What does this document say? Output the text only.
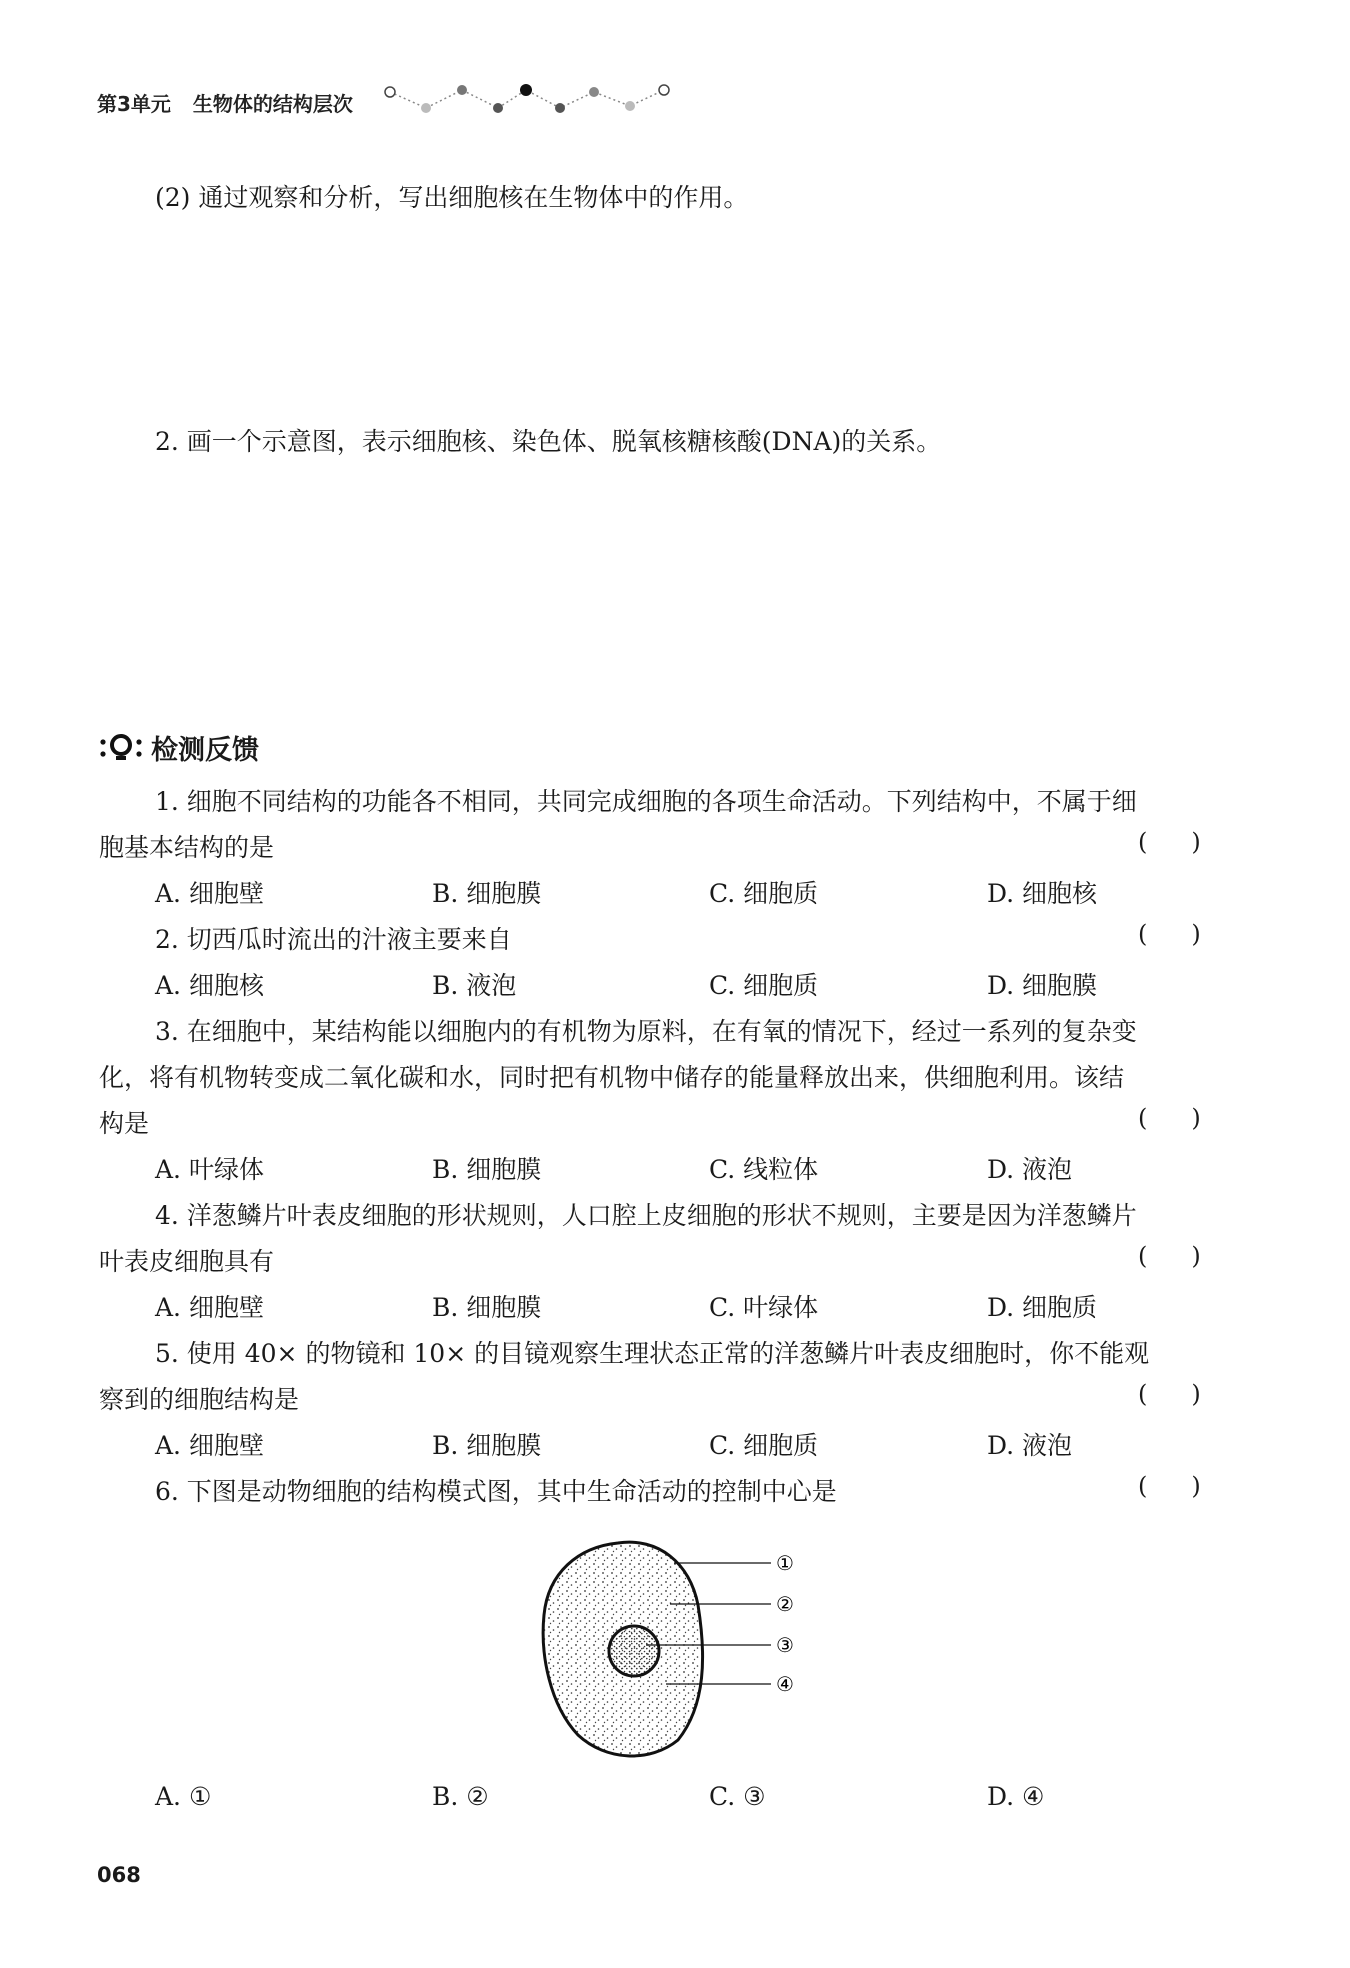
第3单元 生物体的结构层次
(2) 通过观察和分析，写出细胞核在生物体中的作用。
2. 画一个示意图，表示细胞核、染色体、脱氧核糖核酸(DNA)的关系。
检测反馈
1. 细胞不同结构的功能各不相同，共同完成细胞的各项生命活动。下列结构中，不属于细
胞基本结构的是	( )
A. 细胞壁	B. 细胞膜	C. 细胞质	D. 细胞核
2. 切西瓜时流出的汁液主要来自	( )
A. 细胞核	B. 液泡	C. 细胞质	D. 细胞膜
3. 在细胞中，某结构能以细胞内的有机物为原料，在有氧的情况下，经过一系列的复杂变
化，将有机物转变成二氧化碳和水，同时把有机物中储存的能量释放出来，供细胞利用。该结
构是	( )
A. 叶绿体	B. 细胞膜	C. 线粒体	D. 液泡
4. 洋葱鳞片叶表皮细胞的形状规则，人口腔上皮细胞的形状不规则，主要是因为洋葱鳞片
叶表皮细胞具有	( )
A. 细胞壁	B. 细胞膜	C. 叶绿体	D. 细胞质
5. 使用 40× 的物镜和 10× 的目镜观察生理状态正常的洋葱鳞片叶表皮细胞时，你不能观
察到的细胞结构是	( )
A. 细胞壁	B. 细胞膜	C. 细胞质	D. 液泡
6. 下图是动物细胞的结构模式图，其中生命活动的控制中心是	( )
①
②
③
④
A. ①	B. ②	C. ③	D. ④
068
